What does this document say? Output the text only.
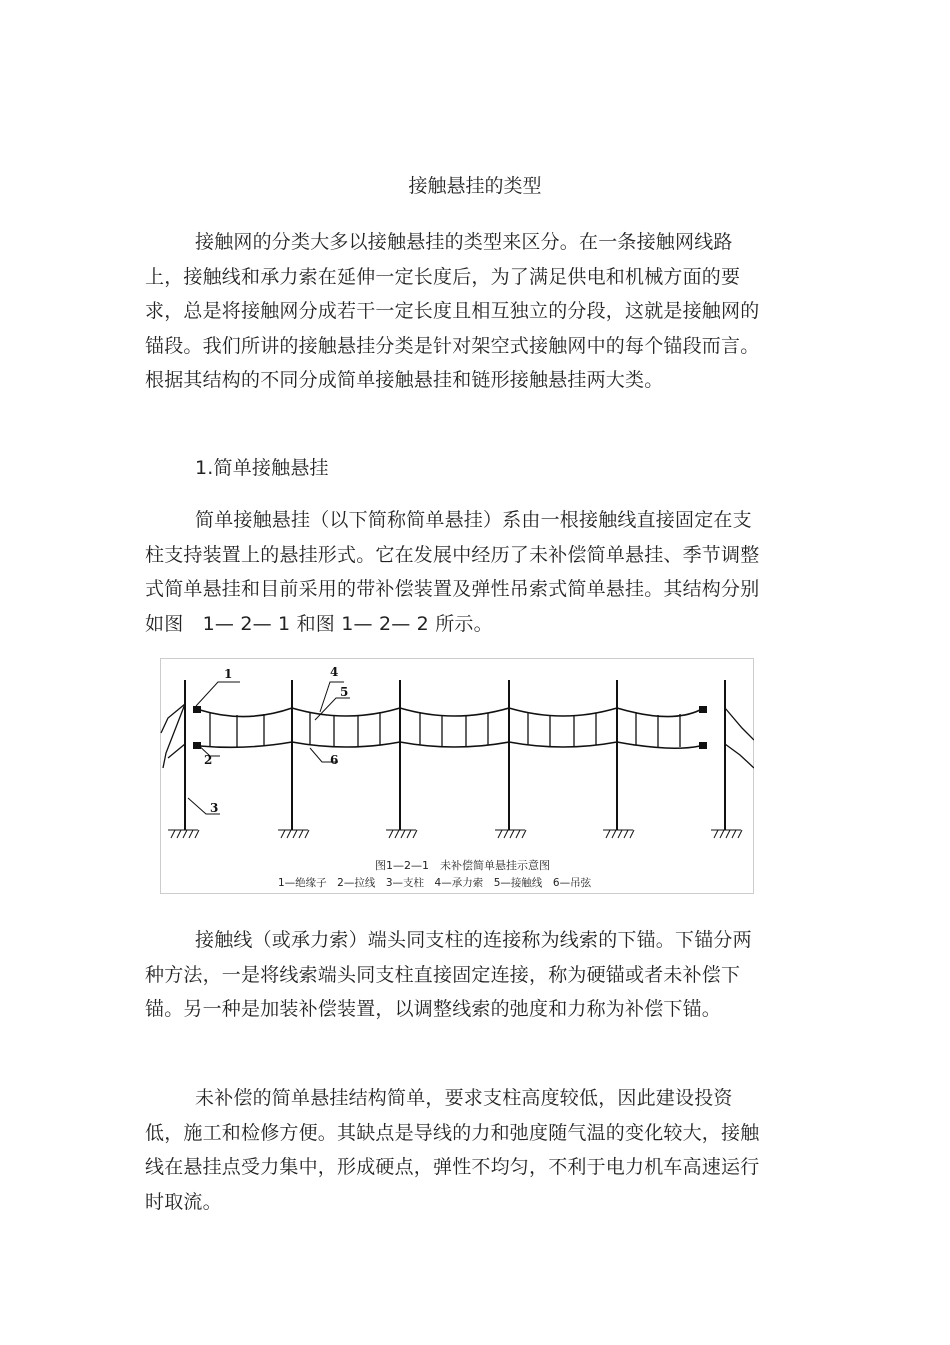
接触悬挂的类型

接触网的分类大多以接触悬挂的类型来区分。在一条接触网线路上，接触线和承力索在延伸一定长度后，为了满足供电和机械方面的要求，总是将接触网分成若干一定长度且相互独立的分段，这就是接触网的锚段。我们所讲的接触悬挂分类是针对架空式接触网中的每个锚段而言。根据其结构的不同分成简单接触悬挂和链形接触悬挂两大类。

1.简单接触悬挂

简单接触悬挂（以下简称简单悬挂）系由一根接触线直接固定在支柱支持装置上的悬挂形式。它在发展中经历了未补偿简单悬挂、季节调整式简单悬挂和目前采用的带补偿装置及弹性吊索式简单悬挂。其结构分别如图　1— 2— 1 和图 1— 2— 2 所示。

1
2
3
4
5
6
图1—2—1　未补偿简单悬挂示意图
1—绝缘子　2—拉线　3—支柱　4—承力索　5—接触线　6—吊弦

接触线（或承力索）端头同支柱的连接称为线索的下锚。下锚分两种方法，一是将线索端头同支柱直接固定连接，称为硬锚或者未补偿下锚。另一种是加装补偿装置，以调整线索的弛度和力称为补偿下锚。

未补偿的简单悬挂结构简单，要求支柱高度较低，因此建设投资低，施工和检修方便。其缺点是导线的力和弛度随气温的变化较大，接触线在悬挂点受力集中，形成硬点，弹性不均匀，不利于电力机车高速运行时取流。
